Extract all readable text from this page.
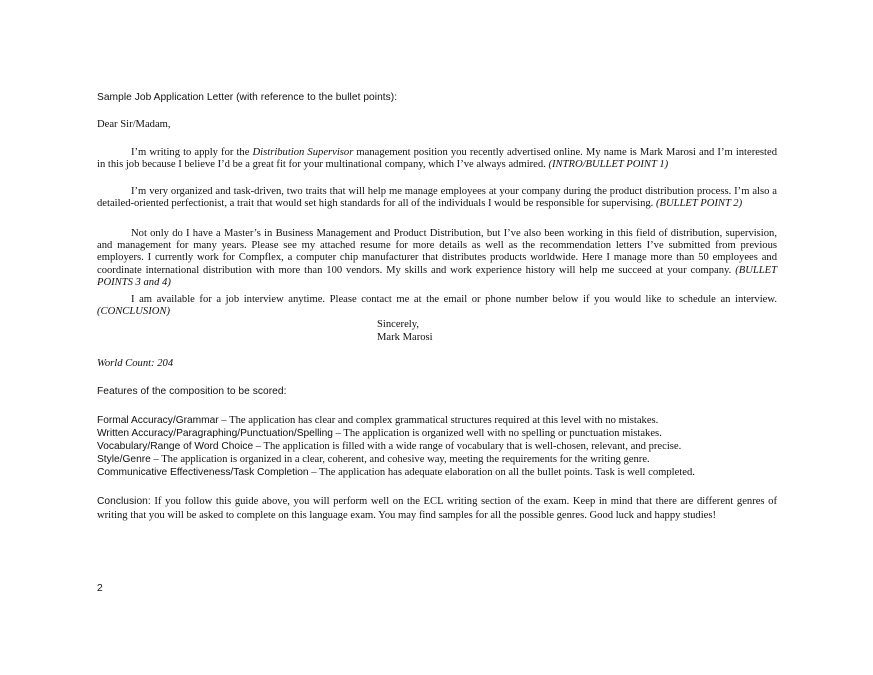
Sample Job Application Letter (with reference to the bullet points):
Dear Sir/Madam,
I’m writing to apply for the Distribution Supervisor management position you recently advertised online. My name is Mark Marosi and I’m interested in this job because I believe I’d be a great fit for your multinational company, which I’ve always admired. (INTRO/BULLET POINT 1)
I’m very organized and task-driven, two traits that will help me manage employees at your company during the product distribution process. I’m also a detailed-oriented perfectionist, a trait that would set high standards for all of the individuals I would be responsible for supervising. (BULLET POINT 2)
Not only do I have a Master’s in Business Management and Product Distribution, but I’ve also been working in this field of distribution, supervision, and management for many years. Please see my attached resume for more details as well as the recommendation letters I’ve submitted from previous employers. I currently work for Compflex, a computer chip manufacturer that distributes products worldwide. Here I manage more than 50 employees and coordinate international distribution with more than 100 vendors. My skills and work experience history will help me succeed at your company. (BULLET POINTS 3 and 4)
I am available for a job interview anytime. Please contact me at the email or phone number below if you would like to schedule an interview. (CONCLUSION)
Sincerely,
Mark Marosi
World Count: 204
Features of the composition to be scored:
Formal Accuracy/Grammar – The application has clear and complex grammatical structures required at this level with no mistakes.
Written Accuracy/Paragraphing/Punctuation/Spelling – The application is organized well with no spelling or punctuation mistakes.
Vocabulary/Range of Word Choice – The application is filled with a wide range of vocabulary that is well-chosen, relevant, and precise.
Style/Genre – The application is organized in a clear, coherent, and cohesive way, meeting the requirements for the writing genre.
Communicative Effectiveness/Task Completion – The application has adequate elaboration on all the bullet points. Task is well completed.
Conclusion: If you follow this guide above, you will perform well on the ECL writing section of the exam. Keep in mind that there are different genres of writing that you will be asked to complete on this language exam. You may find samples for all the possible genres. Good luck and happy studies!
2
